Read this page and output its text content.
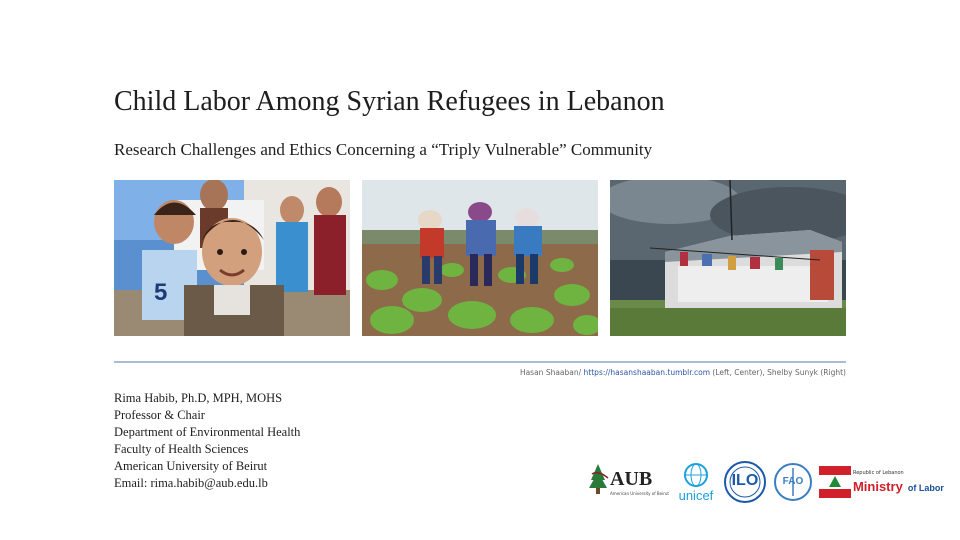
Child Labor Among Syrian Refugees in Lebanon
Research Challenges and Ethics Concerning a “Triply Vulnerable” Community
5
Hasan Shaaban/ https://hasanshaaban.tumblr.com (Left, Center), Shelby Sunyk (Right)
Rima Habib, Ph.D, MPH, MOHS
Professor & Chair
Department of Environmental Health
Faculty of Health Sciences
American University of Beirut
Email: rima.habib@aub.edu.lb	AUB
American University of Beirut unicef
ILO	FAO
Republic of Lebanon
Ministry of Labor
